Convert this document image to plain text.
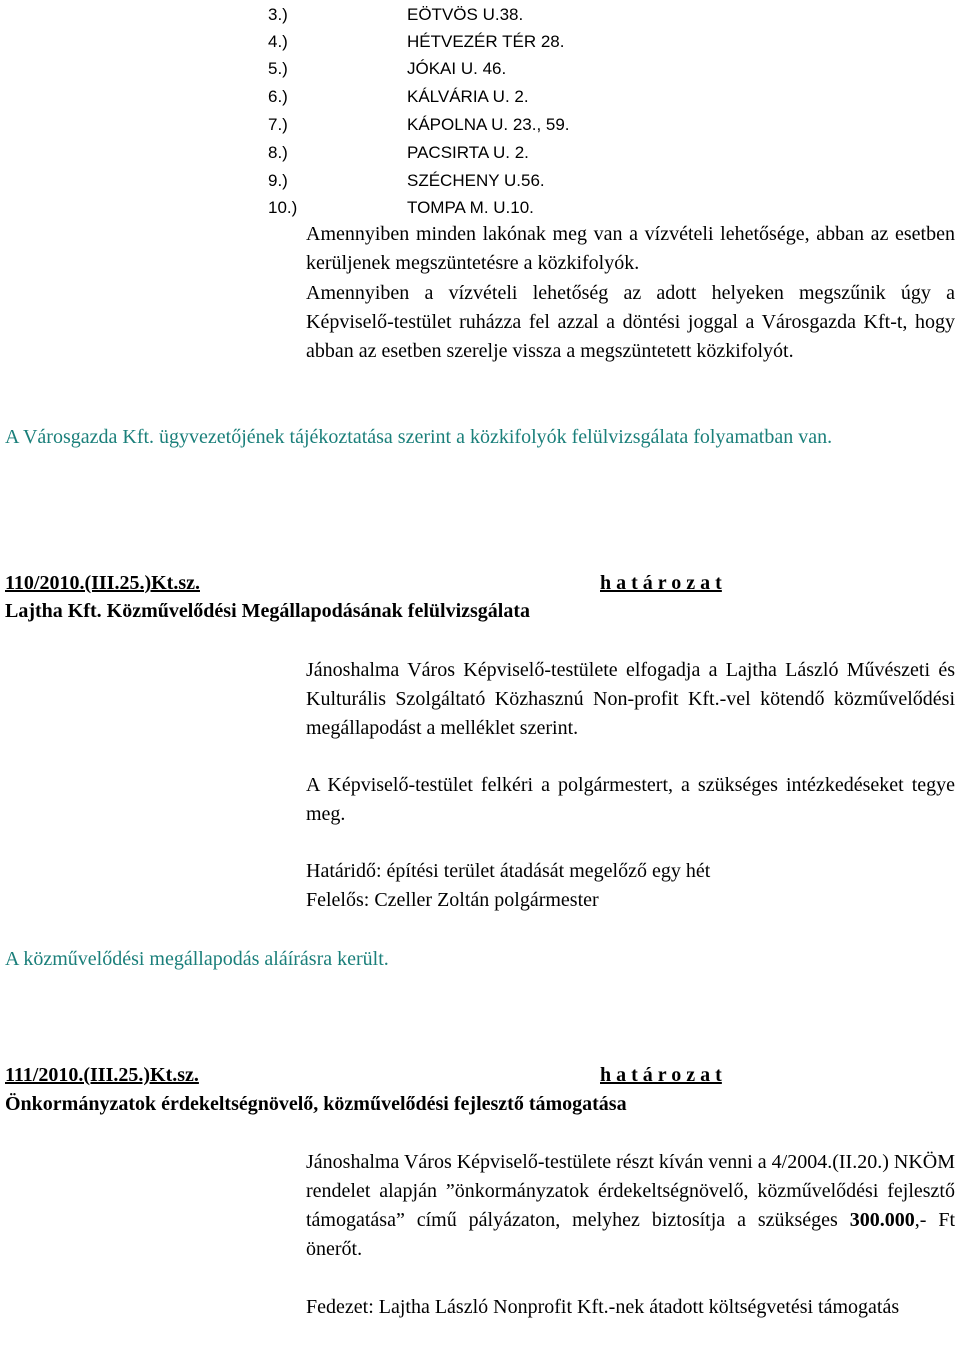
3.)	EÖTVÖS U.38.
4.)	HÉTVEZÉR TÉR 28.
5.)	JÓKAI U. 46.
6.)	KÁLVÁRIA U. 2.
7.)	KÁPOLNA U. 23., 59.
8.)	PACSIRTA U. 2.
9.)	SZÉCHENY U.56.
10.)	TOMPA M. U.10.
Amennyiben minden lakónak meg van a vízvételi lehetősége, abban az esetben kerüljenek megszüntetésre a közkifolyók.
Amennyiben a vízvételi lehetőség az adott helyeken megszűnik úgy a Képviselő-testület ruházza fel azzal a döntési joggal a Városgazda Kft-t, hogy abban az esetben szerelje vissza a megszüntetett közkifolyót.
A Városgazda Kft. ügyvezetőjének tájékoztatása szerint a közkifolyók felülvizsgálata folyamatban van.
110/2010.(III.25.)Kt.sz.	h a t á r o z a t
Lajtha Kft. Közművelődési Megállapodásának felülvizsgálata
Jánoshalma Város Képviselő-testülete elfogadja a Lajtha László Művészeti és Kulturális Szolgáltató Közhasznú Non-profit Kft.-vel kötendő közművelődési megállapodást a melléklet szerint.
A Képviselő-testület felkéri a polgármestert, a szükséges intézkedéseket tegye meg.
Határidő: építési terület átadását megelőző egy hét
Felelős: Czeller Zoltán polgármester
A közművelődési megállapodás aláírásra került.
111/2010.(III.25.)Kt.sz.	h a t á r o z a t
Önkormányzatok érdekeltségnövelő, közművelődési fejlesztő támogatása
Jánoshalma Város Képviselő-testülete részt kíván venni a 4/2004.(II.20.) NKÖM rendelet alapján ”önkormányzatok érdekeltségnövelő, közművelődési fejlesztő támogatása” című pályázaton, melyhez biztosítja a szükséges 300.000,- Ft önerőt.
Fedezet: Lajtha László Nonprofit Kft.-nek átadott költségvetési támogatás
